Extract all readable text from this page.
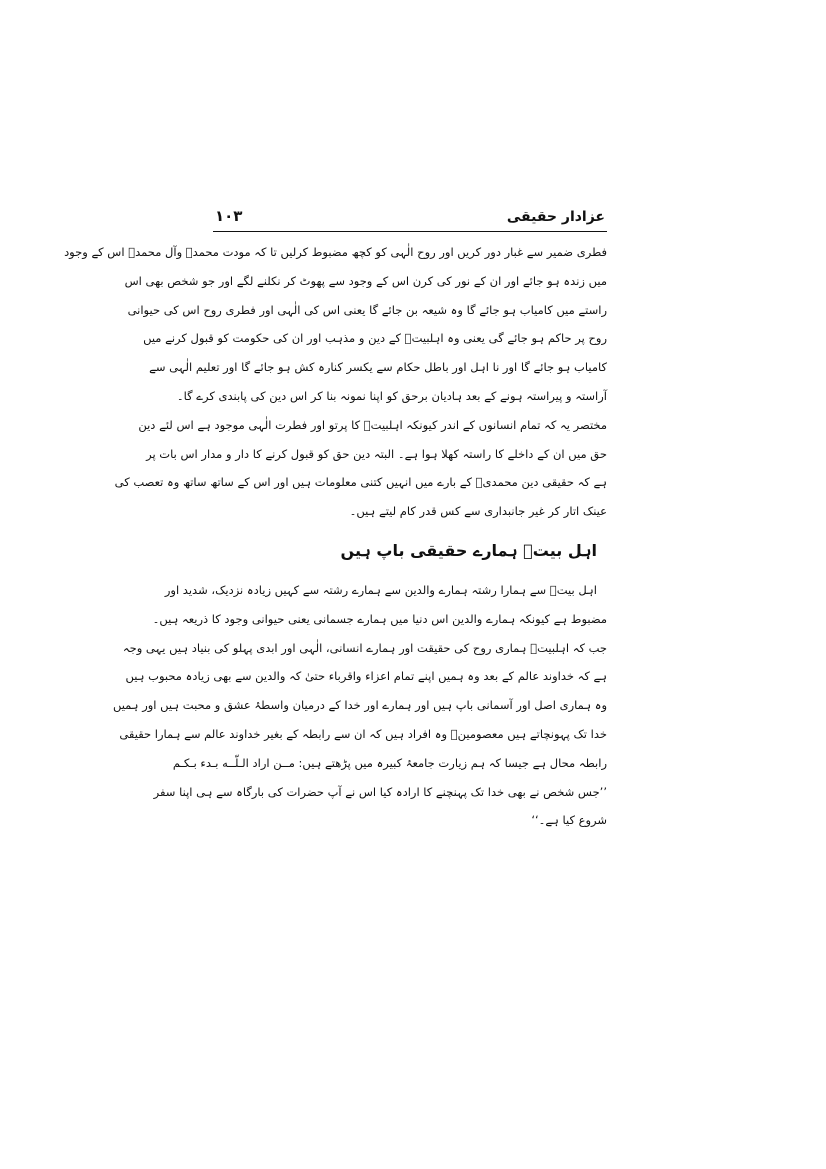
عزادار حقیقی
۱۰۳
فطری ضمیر سے غبار دور کریں اور روح الٰہی کو کچھ مضبوط کرلیں تا کہ مودت محمدؐ وآل محمدؐ اس کے وجود
میں زندہ ہو جائے اور ان کے نور کی کرن اس کے وجود سے پھوٹ کر نکلنے لگے اور جو شخص بھی اس
راستے میں کامیاب ہو جائے گا وہ شیعہ بن جائے گا یعنی اس کی الٰہی اور فطری روح اس کی حیوانی
روح پر حاکم ہو جائے گی یعنی وہ اہلبیتؑ کے دین و مذہب اور ان کی حکومت کو قبول کرنے میں
کامیاب ہو جائے گا اور نا اہل اور باطل حکام سے یکسر کنارہ کش ہو جائے گا اور تعلیم الٰہی سے
آراستہ و پیراستہ ہونے کے بعد ہادیان برحق کو اپنا نمونہ بنا کر اس دین کی پابندی کرے گا۔
مختصر یہ کہ تمام انسانوں کے اندر کیونکہ اہلبیتؑ کا پرتو اور فطرت الٰہی موجود ہے اس لئے دین
حق میں ان کے داخلے کا راستہ کھلا ہوا ہے۔ البتہ دین حق کو قبول کرنے کا دار و مدار اس بات پر
ہے کہ حقیقی دین محمدیؐ کے بارے میں انہیں کتنی معلومات ہیں اور اس کے ساتھ ساتھ وہ تعصب کی
عینک اتار کر غیر جانبداری سے کس قدر کام لیتے ہیں۔
اہل بیتؑ ہمارے حقیقی باپ ہیں
اہل بیتؑ سے ہمارا رشتہ ہمارے والدین سے ہمارے رشتہ سے کہیں زیادہ نزدیک، شدید اور
مضبوط ہے کیونکہ ہمارے والدین اس دنیا میں ہمارے جسمانی یعنی حیوانی وجود کا ذریعہ ہیں۔
جب کہ اہلبیتؑ ہماری روح کی حقیقت اور ہمارے انسانی، الٰہی اور ابدی پہلو کی بنیاد ہیں یہی وجہ
ہے کہ خداوند عالم کے بعد وہ ہمیں اپنے تمام اعزاء واقرباء حتیٰ کہ والدین سے بھی زیادہ محبوب ہیں
وہ ہماری اصل اور آسمانی باپ ہیں اور ہمارے اور خدا کے درمیان واسطۂ عشق و محبت ہیں اور ہمیں
خدا تک پہونچاتے ہیں معصومینؑ وہ افراد ہیں کہ ان سے رابطہ کے بغیر خداوند عالم سے ہمارا حقیقی
رابطہ محال ہے جیسا کہ ہم زیارت جامعۂ کبیرہ میں پڑھتے ہیں: مــن اراد الـلّــه بـدء بـکـم
’’جس شخص نے بھی خدا تک پہنچنے کا ارادہ کیا اس نے آپ حضرات کی بارگاہ سے ہی اپنا سفر
شروع کیا ہے۔‘‘
